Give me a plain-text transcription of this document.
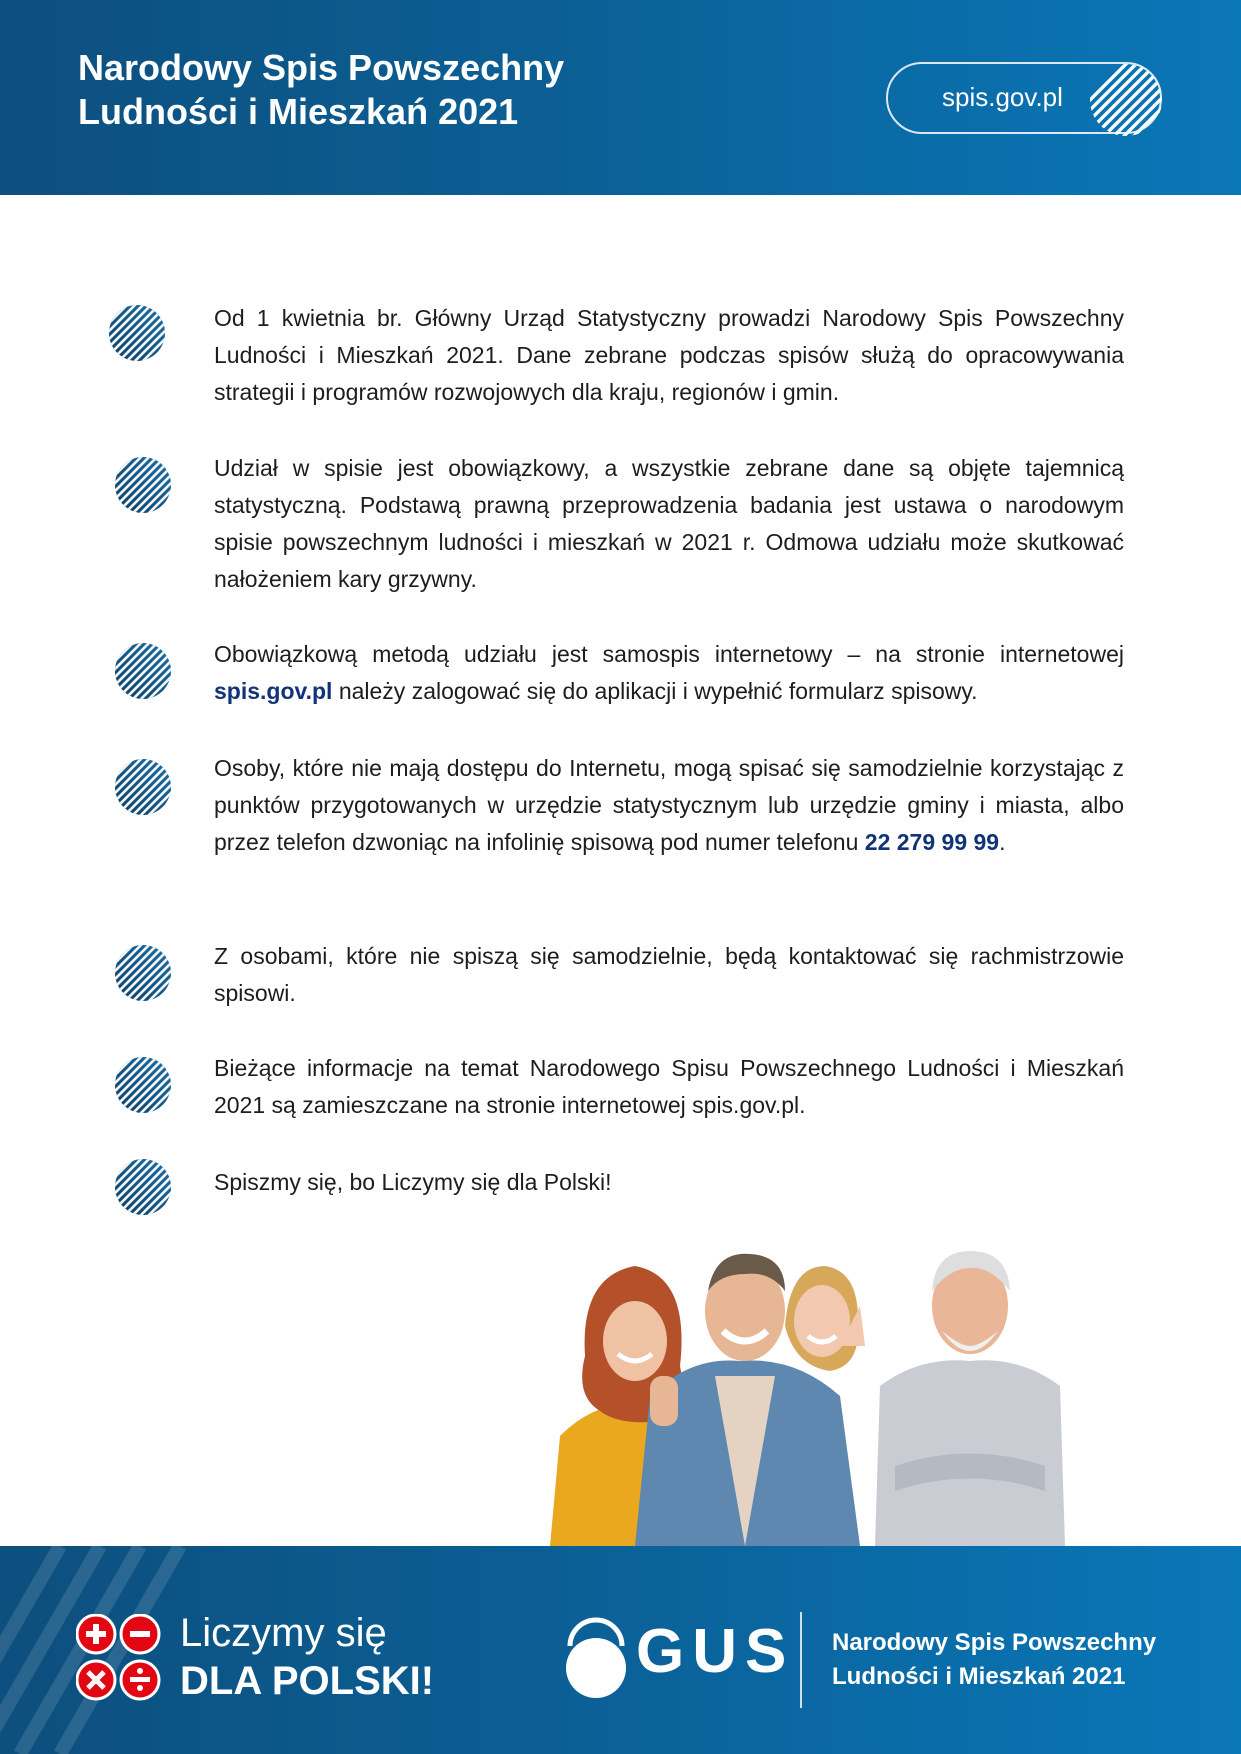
Narodowy Spis Powszechny
Ludności i Mieszkań 2021	spis.gov.pl
Od 1 kwietnia br. Główny Urząd Statystyczny prowadzi Narodowy Spis Powszechny Ludności i Mieszkań 2021. Dane zebrane podczas spisów służą do opracowywania strategii i programów rozwojowych dla kraju, regionów i gmin.
Udział w spisie jest obowiązkowy, a wszystkie zebrane dane są objęte tajemnicą statystyczną. Podstawą prawną przeprowadzenia badania jest ustawa o narodowym spisie powszechnym ludności i mieszkań w 2021 r. Odmowa udziału może skutkować nałożeniem kary grzywny.
Obowiązkową metodą udziału jest samospis internetowy – na stronie internetowej spis.gov.pl należy zalogować się do aplikacji i wypełnić formularz spisowy.
Osoby, które nie mają dostępu do Internetu, mogą spisać się samodzielnie korzystając z punktów przygotowanych w urzędzie statystycznym lub urzędzie gminy i miasta, albo przez telefon dzwoniąc na infolinię spisową pod numer telefonu 22 279 99 99.
Z osobami, które nie spiszą się samodzielnie, będą kontaktować się rachmistrzowie spisowi.
Bieżące informacje na temat Narodowego Spisu Powszechnego Ludności i Mieszkań 2021 są zamieszczane na stronie internetowej spis.gov.pl.
Spiszmy się, bo Liczymy się dla Polski!
Liczymy się
DLA POLSKI!	GUS Narodowy Spis Powszechny
Ludności i Mieszkań 2021
